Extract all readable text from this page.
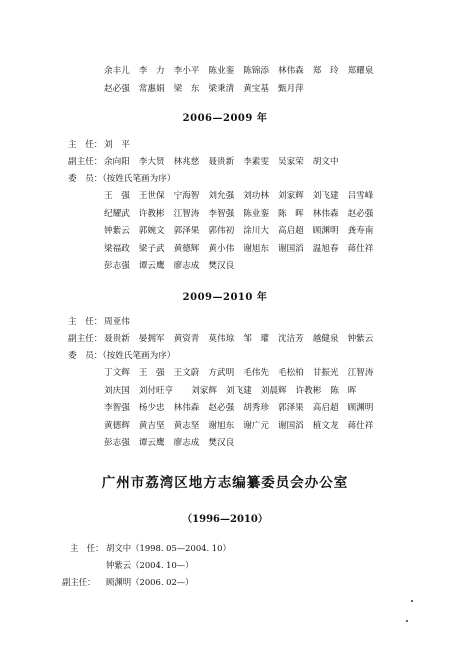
余丰儿 李　力 李小平 陈业銮 陈锦添 林伟森 郑　玲 郑耀泉
赵必强 常惠娟 梁　东 梁秉清 黄宝基 甄月萍
2006—2009 年
主　任： 刘　平
副主任： 余向阳 李大贤 林兆慈 聂贵新 李素雯 吴家荣 胡文中
委　员：（按姓氏笔画为序）
王　强 王世保 宁海智 刘允强 刘功林 刘家辉 刘飞建 吕雪峰
纪耀武 许教彬 江智涛 李智强 陈业銮 陈　晖 林伟森 赵必强
钟紫云 郭婉文 郭泽果 郭伟初 涂川大 高启超 顾渊明 龚寿南
梁福政 梁子武 黄德辉 黄小伟 谢旭东 谢国滔 温旭春 蒋仕祥
彭志强 谭云鹰 廖志成 樊汉良
2009—2010 年
主　任： 周亚伟
副主任： 聂贵新 晏拥军 黄资青 莫伟琼 邹　瓘 沈洁芳 越健泉 钟紫云
委　员：（按姓氏笔画为序）
丁文辉 王　强 王文蔚 方武明 毛伟先 毛松柏 甘振光 江智涛
刘庆国 刘付旺亨 刘家辉 刘飞建 刘晨辉 许教彬 陈　晖
李智强 杨少忠 林伟森 赵必强 胡秀珍 郭泽果 高启超 顾渊明
黄德辉 黄吉坚 黄志坚 谢旭东 谢广元 谢国滔 植文龙 蒋仕祥
彭志强 谭云鹰 廖志成 樊汉良
广州市荔湾区地方志编纂委员会办公室
（1996—2010）
主　任： 胡文中（1998. 05—2004. 10）
钟紫云（2004. 10—）
副主任：	顾渊明（2006. 02—）
